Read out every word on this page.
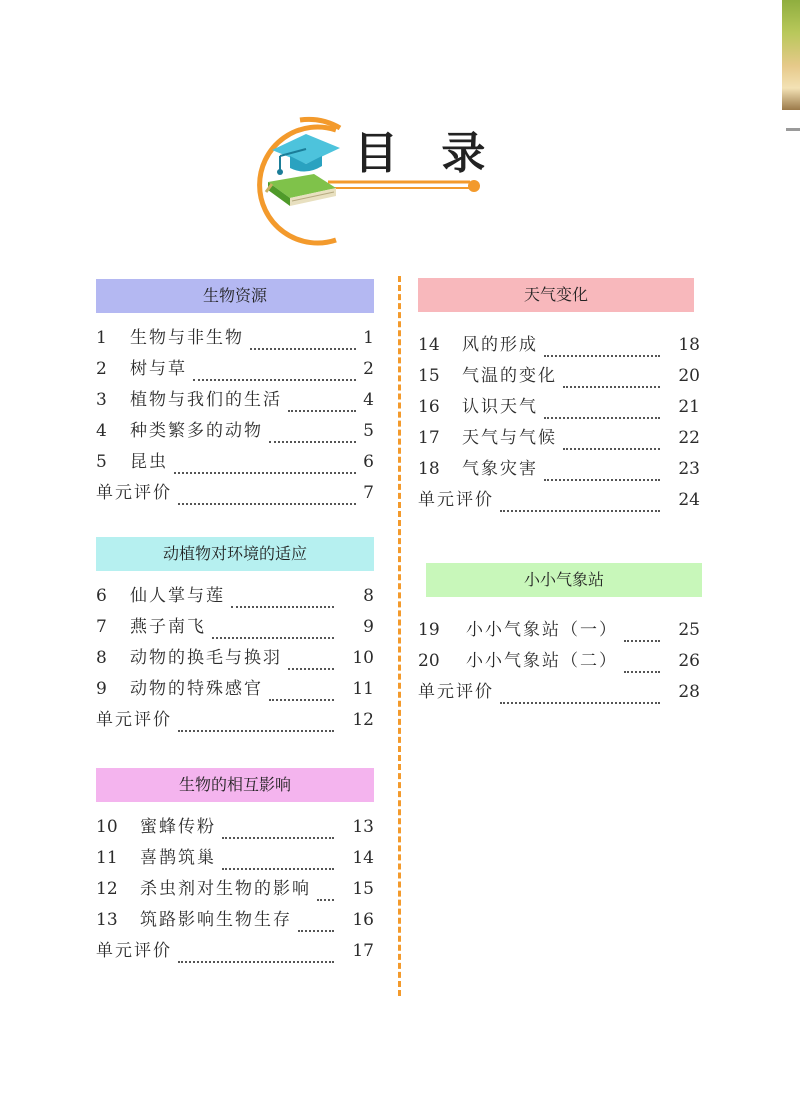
目 录
生物资源
1	生物与非生物	1
2	树与草	2
3	植物与我们的生活	4
4	种类繁多的动物	5
5	昆虫	6
单元评价	7
动植物对环境的适应
6	仙人掌与莲	8
7	燕子南飞	9
8	动物的换毛与换羽	10
9	动物的特殊感官	11
单元评价	12
生物的相互影响
10	蜜蜂传粉	13
11	喜鹊筑巢	14
12	杀虫剂对生物的影响	15
13	筑路影响生物生存	16
单元评价	17
天气变化
14	风的形成	18
15	气温的变化	20
16	认识天气	21
17	天气与气候	22
18	气象灾害	23
单元评价	24
小小气象站
19	小小气象站（一）	25
20	小小气象站（二）	26
单元评价	28
